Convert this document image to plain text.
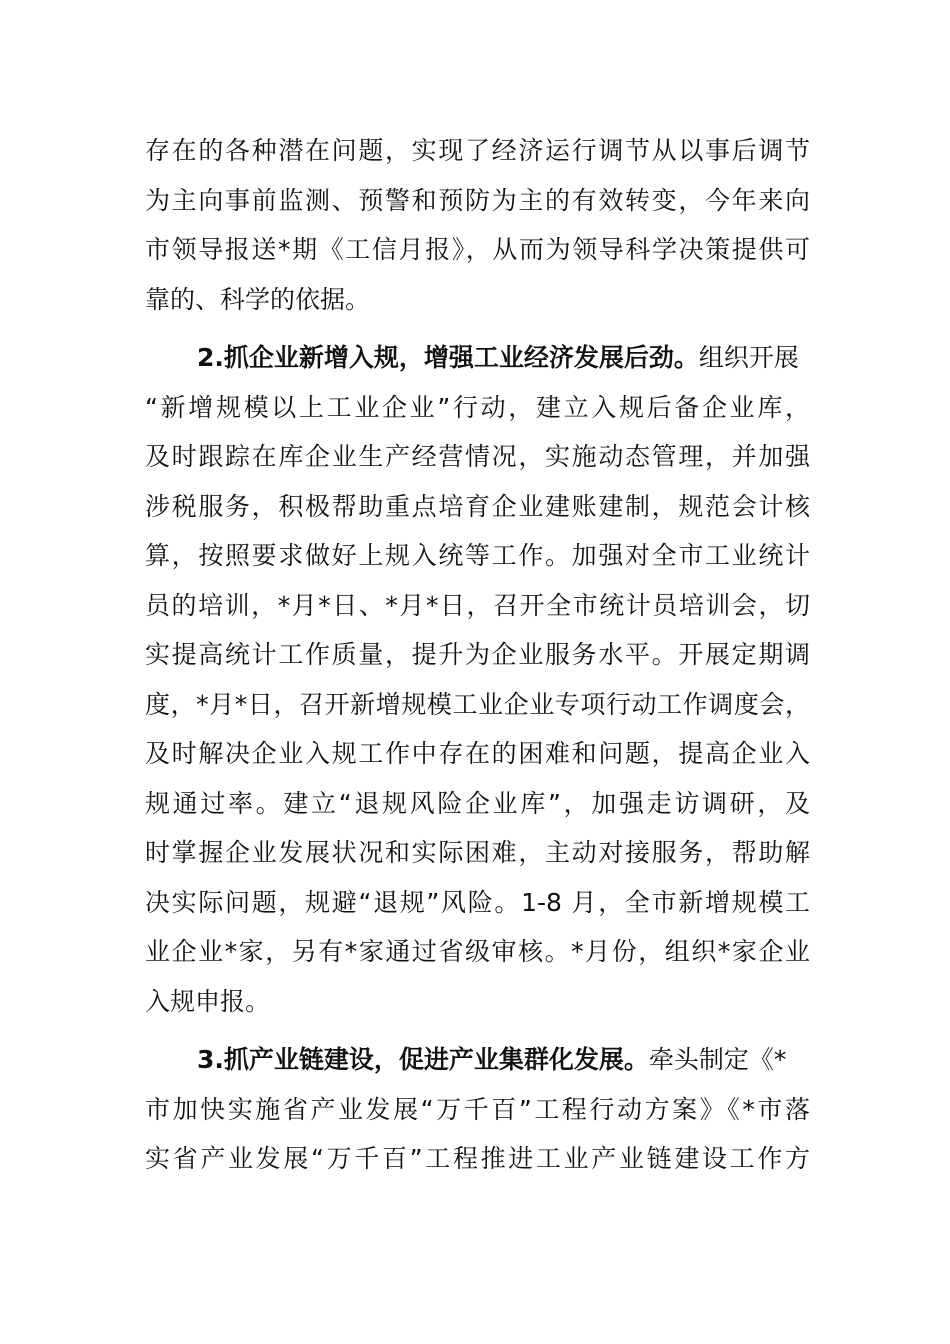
存在的各种潜在问题，实现了经济运行调节从以事后调节
为主向事前监测、预警和预防为主的有效转变，今年来向
市领导报送*期《工信月报》，从而为领导科学决策提供可
靠的、科学的依据。
2.抓企业新增入规，增强工业经济发展后劲。组织开展
“新增规模以上工业企业”行动，建立入规后备企业库，
及时跟踪在库企业生产经营情况，实施动态管理，并加强
涉税服务，积极帮助重点培育企业建账建制，规范会计核
算，按照要求做好上规入统等工作。加强对全市工业统计
员的培训，*月*日、*月*日，召开全市统计员培训会，切
实提高统计工作质量，提升为企业服务水平。开展定期调
度，*月*日，召开新增规模工业企业专项行动工作调度会，
及时解决企业入规工作中存在的困难和问题，提高企业入
规通过率。建立“退规风险企业库”，加强走访调研，及
时掌握企业发展状况和实际困难，主动对接服务，帮助解
决实际问题，规避“退规”风险。1-8 月，全市新增规模工
业企业*家，另有*家通过省级审核。*月份，组织*家企业
入规申报。
3.抓产业链建设，促进产业集群化发展。牵头制定《*
市加快实施省产业发展“万千百”工程行动方案》《*市落
实省产业发展“万千百”工程推进工业产业链建设工作方
